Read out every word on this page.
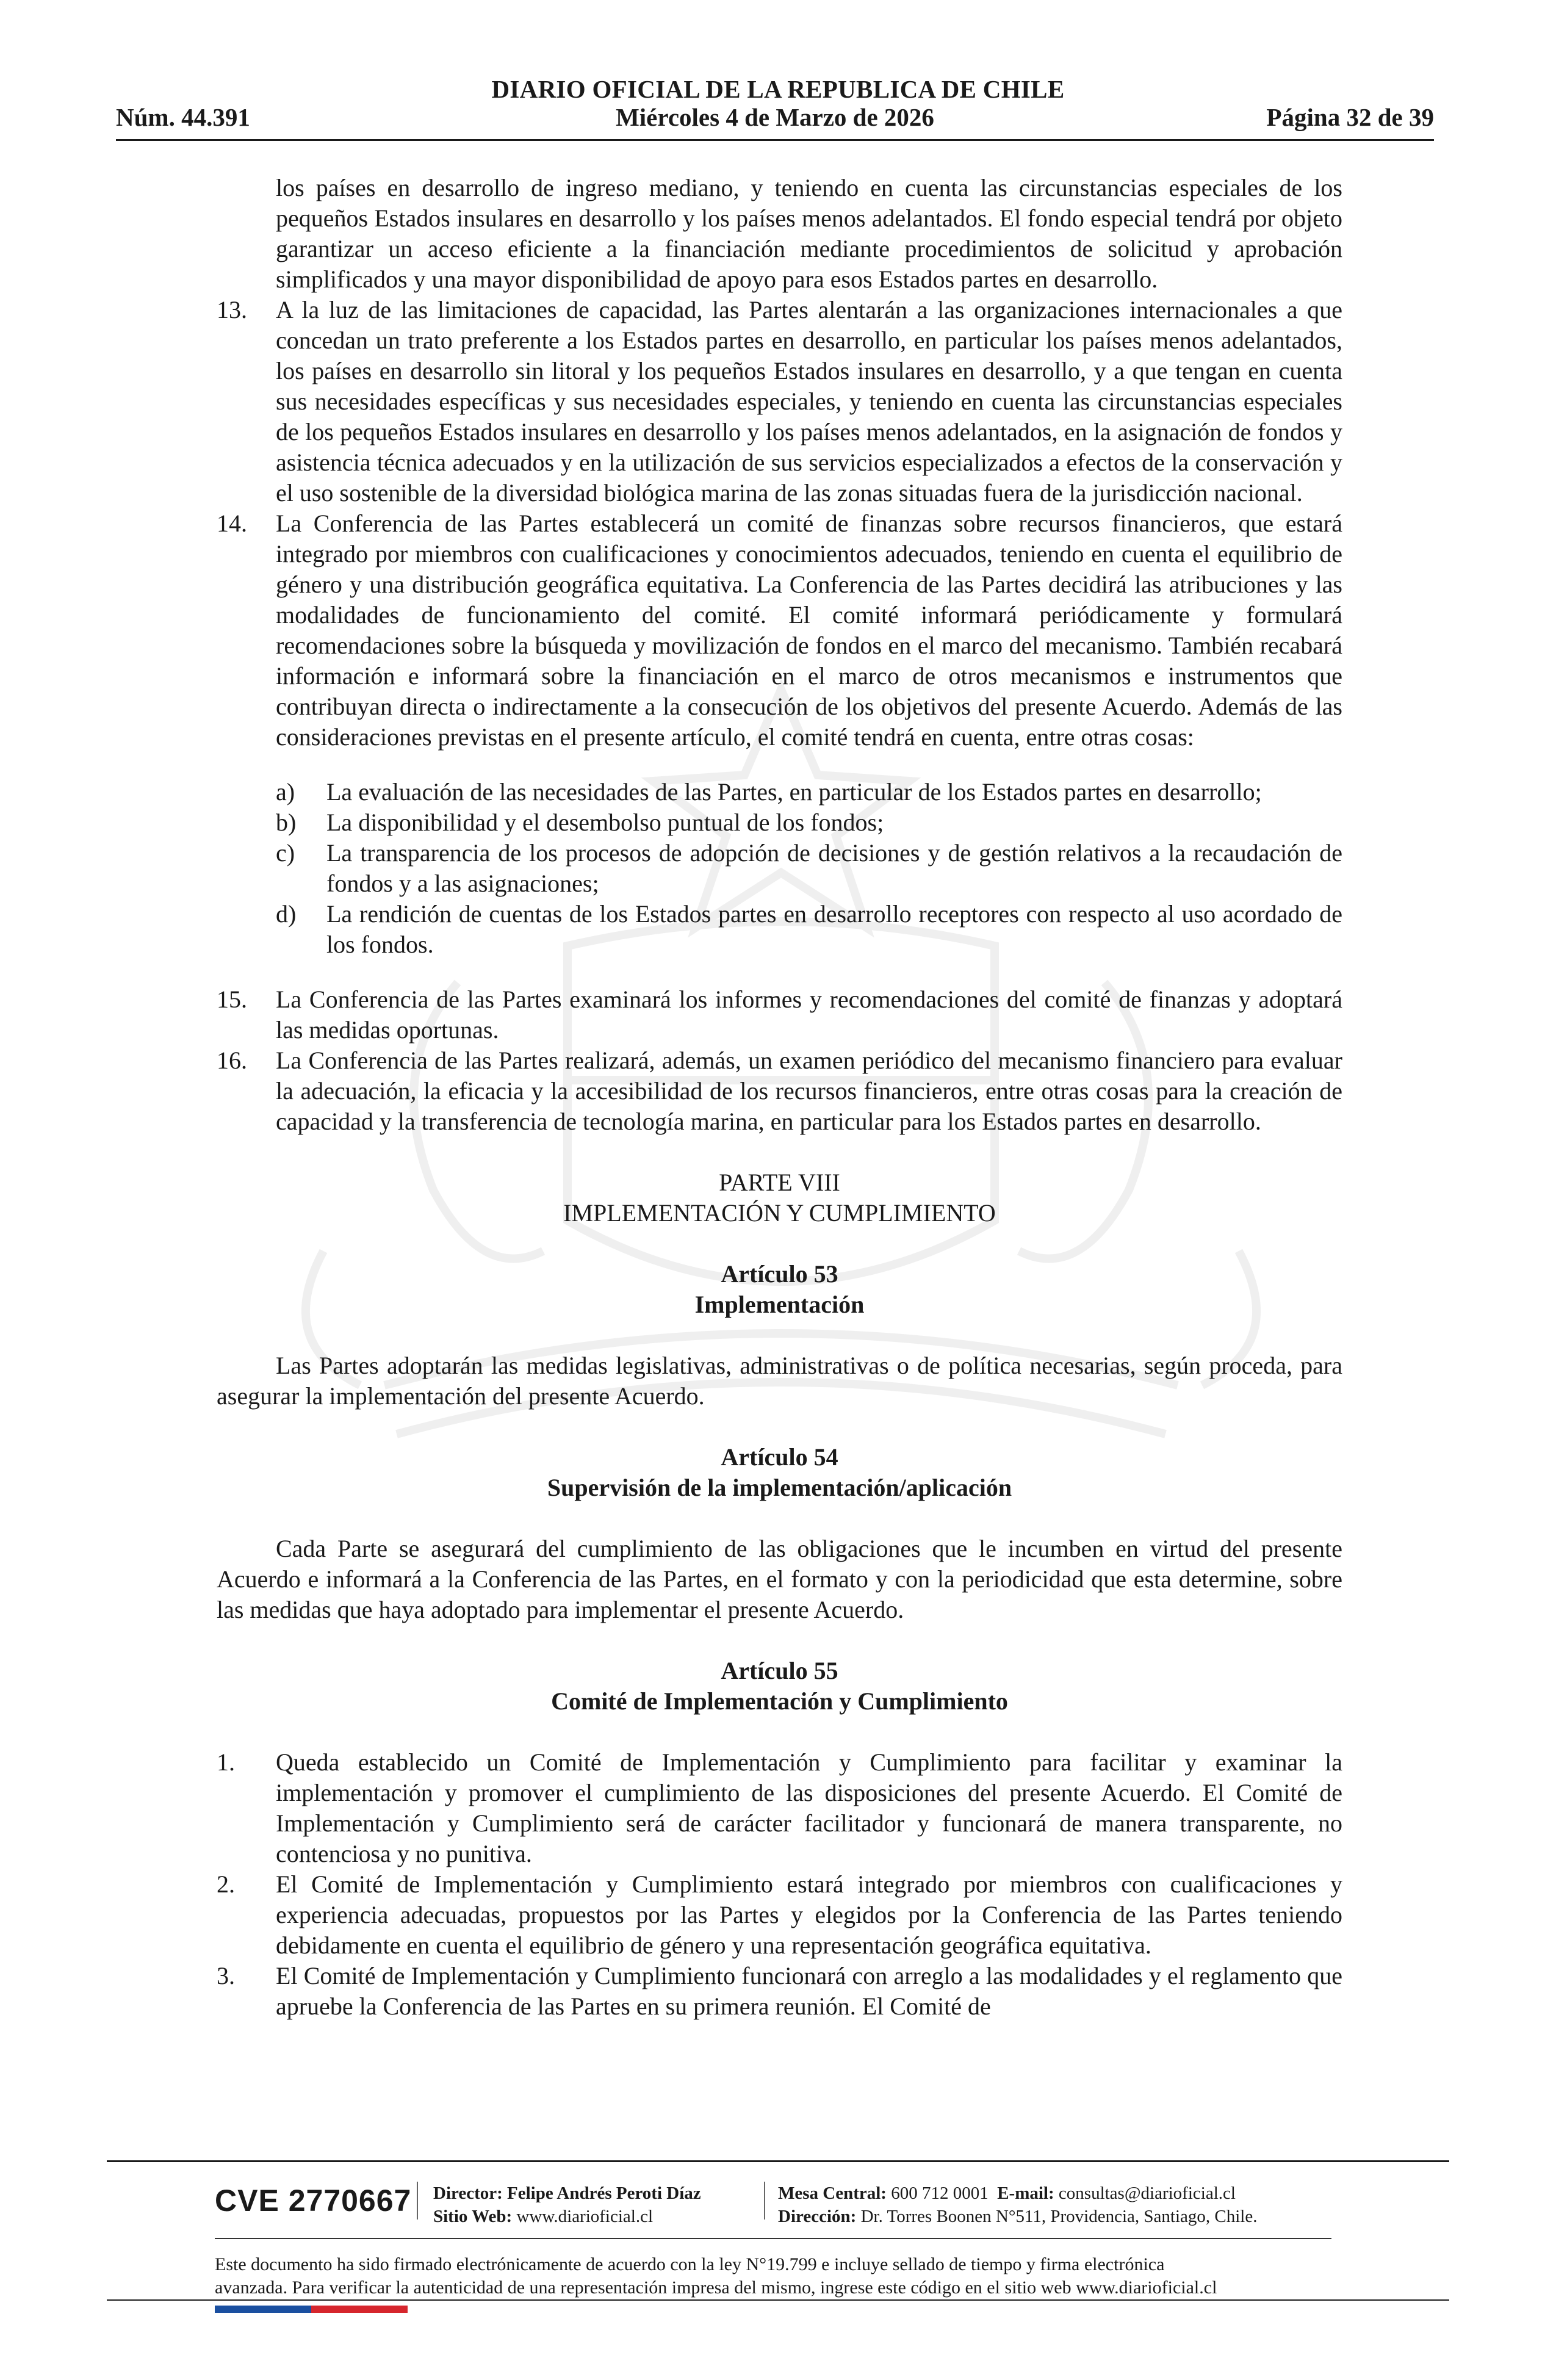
DIARIO OFICIAL DE LA REPUBLICA DE CHILE
Núm. 44.391	Miércoles 4 de Marzo de 2026	Página 32 de 39

los países en desarrollo de ingreso mediano, y teniendo en cuenta las circunstancias especiales de los pequeños Estados insulares en desarrollo y los países menos adelantados. El fondo especial tendrá por objeto garantizar un acceso eficiente a la financiación mediante procedimientos de solicitud y aprobación simplificados y una mayor disponibilidad de apoyo para esos Estados partes en desarrollo.

13. A la luz de las limitaciones de capacidad, las Partes alentarán a las organizaciones internacionales a que concedan un trato preferente a los Estados partes en desarrollo, en particular los países menos adelantados, los países en desarrollo sin litoral y los pequeños Estados insulares en desarrollo, y a que tengan en cuenta sus necesidades específicas y sus necesidades especiales, y teniendo en cuenta las circunstancias especiales de los pequeños Estados insulares en desarrollo y los países menos adelantados, en la asignación de fondos y asistencia técnica adecuados y en la utilización de sus servicios especializados a efectos de la conservación y el uso sostenible de la diversidad biológica marina de las zonas situadas fuera de la jurisdicción nacional.
14. La Conferencia de las Partes establecerá un comité de finanzas sobre recursos financieros, que estará integrado por miembros con cualificaciones y conocimientos adecuados, teniendo en cuenta el equilibrio de género y una distribución geográfica equitativa. La Conferencia de las Partes decidirá las atribuciones y las modalidades de funcionamiento del comité. El comité informará periódicamente y formulará recomendaciones sobre la búsqueda y movilización de fondos en el marco del mecanismo. También recabará información e informará sobre la financiación en el marco de otros mecanismos e instrumentos que contribuyan directa o indirectamente a la consecución de los objetivos del presente Acuerdo. Además de las consideraciones previstas en el presente artículo, el comité tendrá en cuenta, entre otras cosas:
a) La evaluación de las necesidades de las Partes, en particular de los Estados partes en desarrollo;
b) La disponibilidad y el desembolso puntual de los fondos;
c) La transparencia de los procesos de adopción de decisiones y de gestión relativos a la recaudación de fondos y a las asignaciones;
d) La rendición de cuentas de los Estados partes en desarrollo receptores con respecto al uso acordado de los fondos.
15. La Conferencia de las Partes examinará los informes y recomendaciones del comité de finanzas y adoptará las medidas oportunas.
16. La Conferencia de las Partes realizará, además, un examen periódico del mecanismo financiero para evaluar la adecuación, la eficacia y la accesibilidad de los recursos financieros, entre otras cosas para la creación de capacidad y la transferencia de tecnología marina, en particular para los Estados partes en desarrollo.
PARTE VIII
IMPLEMENTACIÓN Y CUMPLIMIENTO
Artículo 53
Implementación

Las Partes adoptarán las medidas legislativas, administrativas o de política necesarias, según proceda, para asegurar la implementación del presente Acuerdo.

Artículo 54
Supervisión de la implementación/aplicación

Cada Parte se asegurará del cumplimiento de las obligaciones que le incumben en virtud del presente Acuerdo e informará a la Conferencia de las Partes, en el formato y con la periodicidad que esta determine, sobre las medidas que haya adoptado para implementar el presente Acuerdo.

Artículo 55
Comité de Implementación y Cumplimiento
1. Queda establecido un Comité de Implementación y Cumplimiento para facilitar y examinar la implementación y promover el cumplimiento de las disposiciones del presente Acuerdo. El Comité de Implementación y Cumplimiento será de carácter facilitador y funcionará de manera transparente, no contenciosa y no punitiva.
2. El Comité de Implementación y Cumplimiento estará integrado por miembros con cualificaciones y experiencia adecuadas, propuestos por las Partes y elegidos por la Conferencia de las Partes teniendo debidamente en cuenta el equilibrio de género y una representación geográfica equitativa.
3. El Comité de Implementación y Cumplimiento funcionará con arreglo a las modalidades y el reglamento que apruebe la Conferencia de las Partes en su primera reunión. El Comité de
CVE 2770667 Director: Felipe Andrés Peroti Díaz
Sitio Web: www.diarioficial.cl
Mesa Central: 600 712 0001 E-mail: consultas@diarioficial.cl
Dirección: Dr. Torres Boonen N°511, Providencia, Santiago, Chile.
Este documento ha sido firmado electrónicamente de acuerdo con la ley N°19.799 e incluye sellado de tiempo y firma electrónica
avanzada. Para verificar la autenticidad de una representación impresa del mismo, ingrese este código en el sitio web www.diarioficial.cl
